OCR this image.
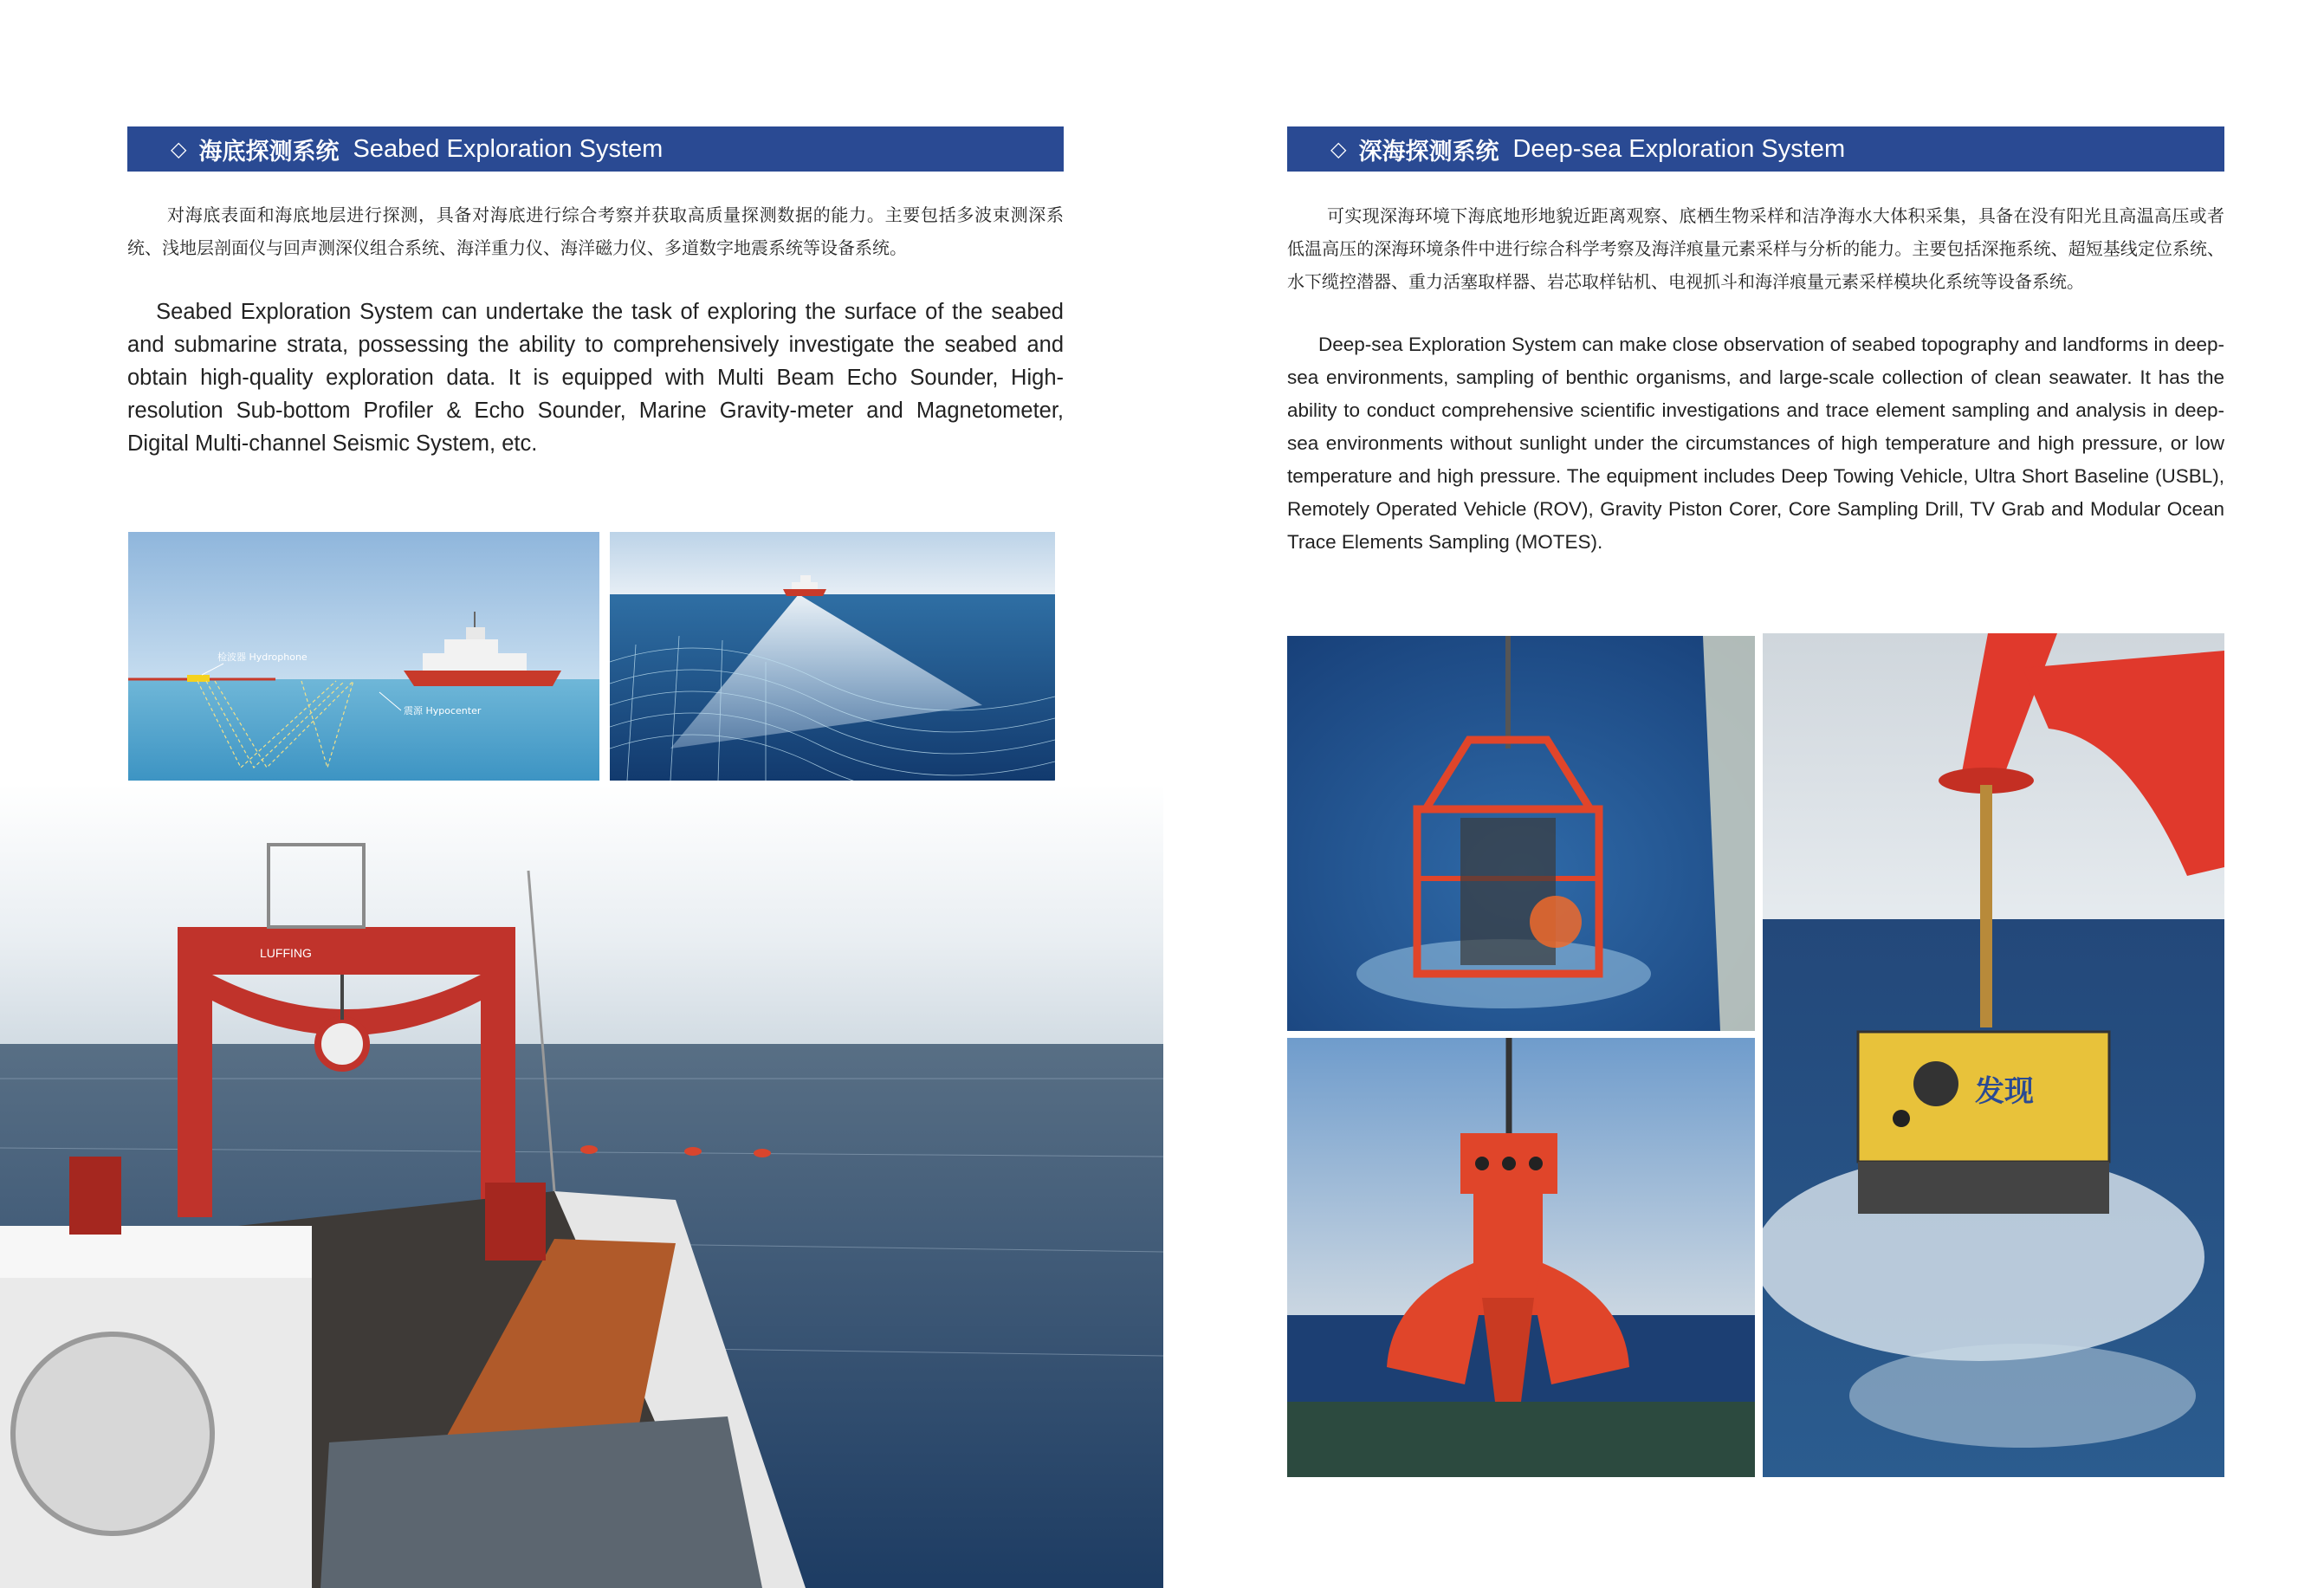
◇ 海底探测系统 Seabed Exploration System
对海底表面和海底地层进行探测，具备对海底进行综合考察并获取高质量探测数据的能力。主要包括多波束测深系统、浅地层剖面仪与回声测深仪组合系统、海洋重力仪、海洋磁力仪、多道数字地震系统等设备系统。
Seabed Exploration System can undertake the task of exploring the surface of the seabed and submarine strata, possessing the ability to comprehensively investigate the seabed and obtain high-quality exploration data. It is equipped with Multi Beam Echo Sounder, High-resolution Sub-bottom Profiler & Echo Sounder, Marine Gravity-meter and Magnetometer, Digital Multi-channel Seismic System, etc.
检波器 Hydrophone
震源 Hypocenter
LUFFING
◇ 深海探测系统 Deep-sea Exploration System
可实现深海环境下海底地形地貌近距离观察、底栖生物采样和洁净海水大体积采集，具备在没有阳光且高温高压或者低温高压的深海环境条件中进行综合科学考察及海洋痕量元素采样与分析的能力。主要包括深拖系统、超短基线定位系统、水下缆控潜器、重力活塞取样器、岩芯取样钻机、电视抓斗和海洋痕量元素采样模块化系统等设备系统。
Deep-sea Exploration System can make close observation of seabed topography and landforms in deep-sea environments, sampling of benthic organisms, and large-scale collection of clean seawater. It has the ability to conduct comprehensive scientific investigations and trace element sampling and analysis in deep-sea environments without sunlight under the circumstances of high temperature and high pressure, or low temperature and high pressure. The equipment includes Deep Towing Vehicle, Ultra Short Baseline (USBL), Remotely Operated Vehicle (ROV), Gravity Piston Corer, Core Sampling Drill, TV Grab and Modular Ocean Trace Elements Sampling (MOTES).
发现
